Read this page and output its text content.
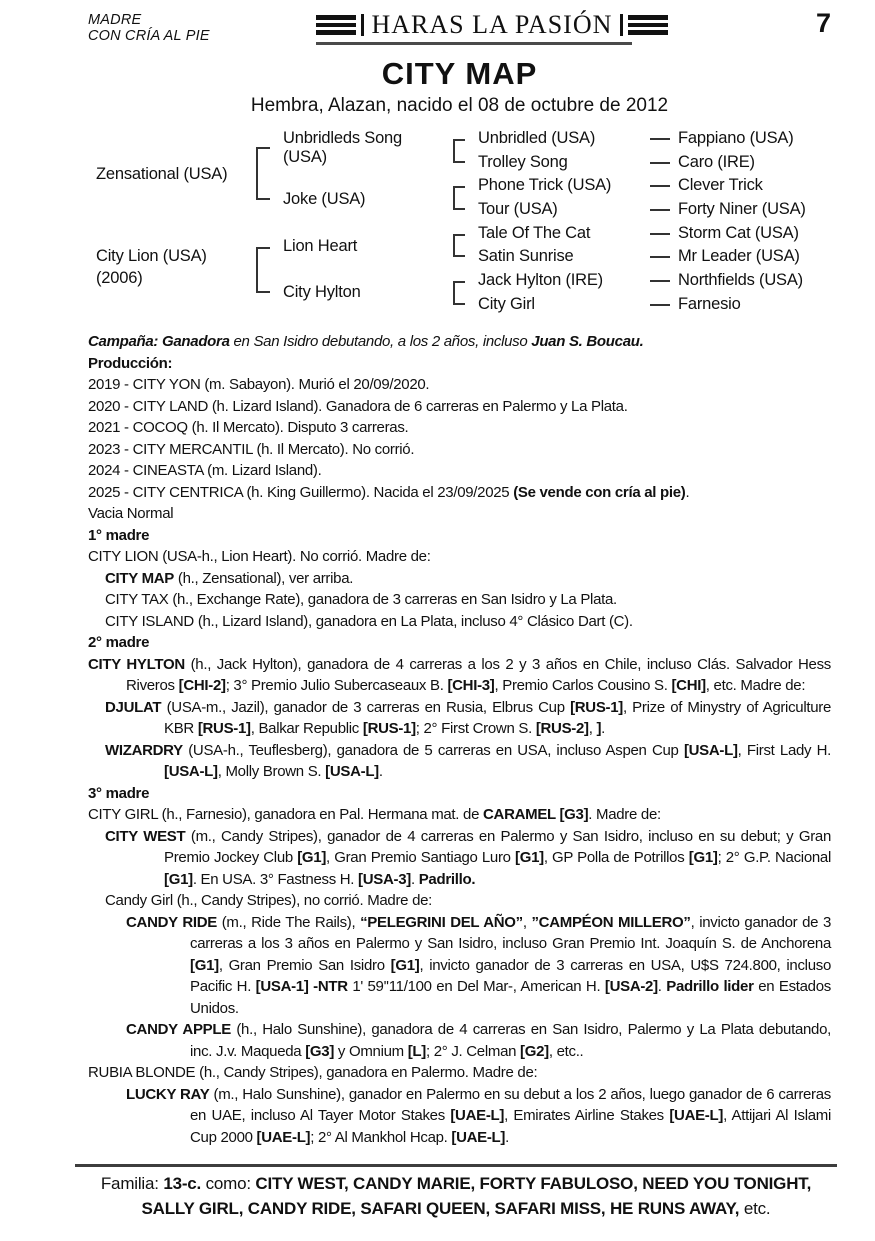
MADRE
CON CRÍA AL PIE	HARAS LA PASIÓN	7
CITY MAP
Hembra, Alazan, nacido el 08 de octubre de 2012
Zensational (USA)
City Lion (USA)
(2006)
Unbridleds Song (USA)
Joke (USA)
Lion Heart
City Hylton
Unbridled (USA)
Trolley Song
Phone Trick (USA)
Tour (USA)
Tale Of The Cat
Satin Sunrise
Jack Hylton (IRE)
City Girl
Fappiano (USA)
Caro (IRE)
Clever Trick
Forty Niner (USA)
Storm Cat (USA)
Mr Leader (USA)
Northfields (USA)
Farnesio

Campaña: Ganadora en San Isidro debutando, a los 2 años, incluso Juan S. Boucau.

Producción:

2019 - CITY YON (m. Sabayon). Murió el 20/09/2020.

2020 - CITY LAND (h. Lizard Island). Ganadora de 6 carreras en Palermo y La Plata.

2021 - COCOQ (h. Il Mercato). Disputo 3 carreras.

2023 - CITY MERCANTIL (h. Il Mercato). No corrió.

2024 - CINEASTA (m. Lizard Island).

2025 - CITY CENTRICA (h. King Guillermo). Nacida el 23/09/2025 (Se vende con cría al pie).

Vacia Normal

1° madre

CITY LION (USA-h., Lion Heart). No corrió. Madre de:

CITY MAP (h., Zensational), ver arriba.

CITY TAX (h., Exchange Rate), ganadora de 3 carreras en San Isidro y La Plata.

CITY ISLAND (h., Lizard Island), ganadora en La Plata, incluso 4° Clásico Dart (C).

2° madre

CITY HYLTON (h., Jack Hylton), ganadora de 4 carreras a los 2 y 3 años en Chile, incluso Clás. Salvador Hess Riveros [CHI-2]; 3° Premio Julio Subercaseaux B. [CHI-3], Premio Carlos Cousino S. [CHI], etc. Madre de:

DJULAT (USA-m., Jazil), ganador de 3 carreras en Rusia, Elbrus Cup [RUS-1], Prize of Minystry of Agriculture KBR [RUS-1], Balkar Republic [RUS-1]; 2° First Crown S. [RUS-2], ].

WIZARDRY (USA-h., Teuflesberg), ganadora de 5 carreras en USA, incluso Aspen Cup [USA-L], First Lady H. [USA-L], Molly Brown S. [USA-L].

3° madre

CITY GIRL (h., Farnesio), ganadora en Pal. Hermana mat. de CARAMEL [G3]. Madre de:

CITY WEST (m., Candy Stripes), ganador de 4 carreras en Palermo y San Isidro, incluso en su debut; y Gran Premio Jockey Club [G1], Gran Premio Santiago Luro [G1], GP Polla de Potrillos [G1]; 2° G.P. Nacional [G1]. En USA. 3° Fastness H. [USA-3]. Padrillo.

Candy Girl (h., Candy Stripes), no corrió. Madre de:

CANDY RIDE (m., Ride The Rails), “PELEGRINI DEL AÑO”, ”CAMPÉON MILLERO”, invicto ganador de 3 carreras a los 3 años en Palermo y San Isidro, incluso Gran Premio Int. Joaquín S. de Anchorena [G1], Gran Premio San Isidro [G1], invicto ganador de 3 carreras en USA, U$S 724.800, incluso Pacific H. [USA-1] -NTR 1' 59''11/100 en Del Mar-, American H. [USA-2]. Padrillo lider en Estados Unidos.

CANDY APPLE (h., Halo Sunshine), ganadora de 4 carreras en San Isidro, Palermo y La Plata debutando, inc. J.v. Maqueda [G3] y Omnium [L]; 2° J. Celman [G2], etc..

RUBIA BLONDE (h., Candy Stripes), ganadora en Palermo. Madre de:

LUCKY RAY (m., Halo Sunshine), ganador en Palermo en su debut a los 2 años, luego ganador de 6 carreras en UAE, incluso Al Tayer Motor Stakes [UAE-L], Emirates Airline Stakes [UAE-L], Attijari Al Islami Cup 2000 [UAE-L]; 2° Al Mankhol Hcap. [UAE-L].

Familia: 13-c. como: CITY WEST, CANDY MARIE, FORTY FABULOSO, NEED YOU TONIGHT, SALLY GIRL, CANDY RIDE, SAFARI QUEEN, SAFARI MISS, HE RUNS AWAY, etc.
